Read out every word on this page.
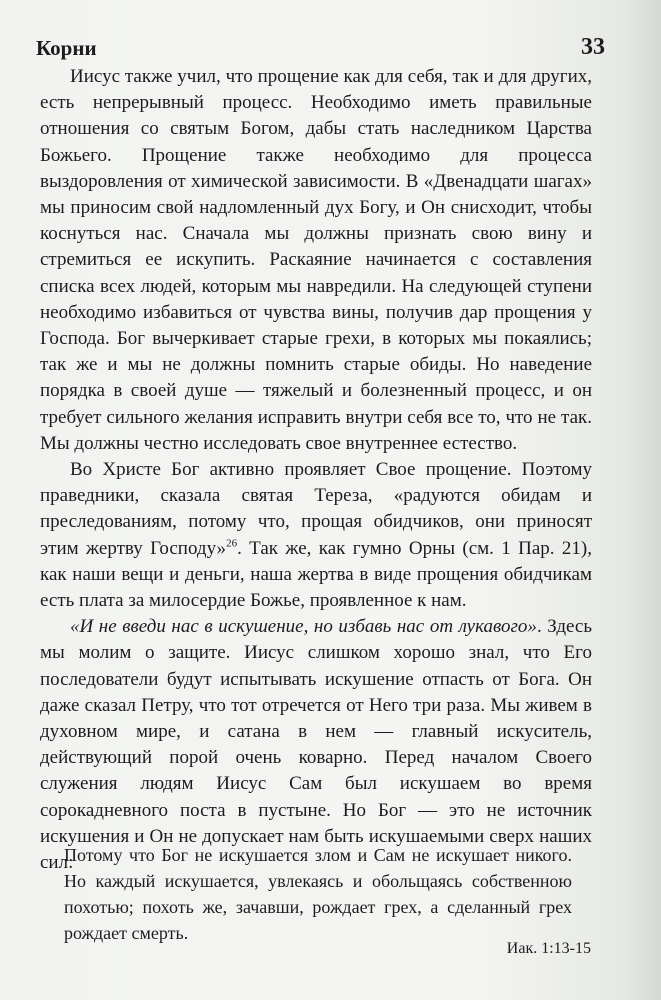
Корни	33

Иисус также учил, что прощение как для себя, так и для других, есть непрерывный процесс. Необходимо иметь правильные отношения со святым Богом, дабы стать наследником Царства Божьего. Прощение также необходимо для процесса выздоровления от химической зависимости. В «Двенадцати шагах» мы приносим свой надломленный дух Богу, и Он снисходит, чтобы коснуться нас. Сначала мы должны признать свою вину и стремиться ее искупить. Раскаяние начинается с составления списка всех людей, которым мы навредили. На следующей ступени необходимо избавиться от чувства вины, получив дар прощения у Господа. Бог вычеркивает старые грехи, в которых мы покаялись; так же и мы не должны помнить старые обиды. Но наведение порядка в своей душе — тяжелый и болезненный процесс, и он требует сильного желания исправить внутри себя все то, что не так. Мы должны честно исследовать свое внутреннее естество.

Во Христе Бог активно проявляет Свое прощение. Поэтому праведники, сказала святая Тереза, «радуются обидам и преследованиям, потому что, прощая обидчиков, они приносят этим жертву Господу»$^{26}$. Так же, как гумно Орны (см. 1 Пар. 21), как наши вещи и деньги, наша жертва в виде прощения обидчикам есть плата за милосердие Божье, проявленное к нам.

«И не введи нас в искушение, но избавь нас от лукавого». Здесь мы молим о защите. Иисус слишком хорошо знал, что Его последователи будут испытывать искушение отпасть от Бога. Он даже сказал Петру, что тот отречется от Него три раза. Мы живем в духовном мире, и сатана в нем — главный искуситель, действующий порой очень коварно. Перед началом Своего служения людям Иисус Сам был искушаем во время сорокадневного поста в пустыне. Но Бог — это не источник искушения и Он не допускает нам быть искушаемыми сверх наших сил:

Потому что Бог не искушается злом и Сам не искушает никого. Но каждый искушается, увлекаясь и обольщаясь собственною похотью; похоть же, зачавши, рождает грех, а сделанный грех рождает смерть.

Иак. 1:13-15
